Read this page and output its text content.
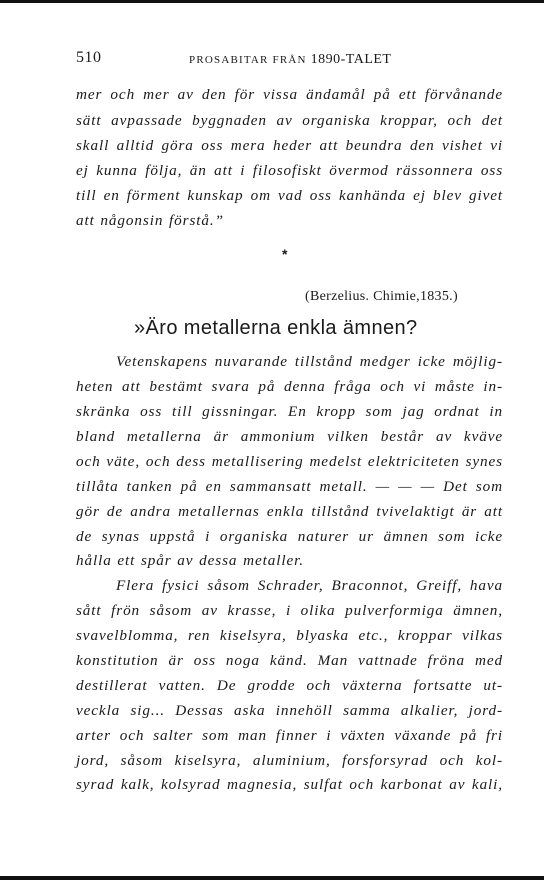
510	PROSABITAR FRÅN 1890-TALET
mer och mer av den för vissa ändamål på ett förvånande
sätt avpassade byggnaden av organiska kroppar, och det
skall alltid göra oss mera heder att beundra den vishet vi
ej kunna följa, än att i filosofiskt övermod rässonnera oss
till en förment kunskap om vad oss kanhända ej blev givet
att någonsin förstå.”
*
(Berzelius. Chimie,1835.)
»Äro metallerna enkla ämnen?
Vetenskapens nuvarande tillstånd medger icke möjlig-
heten att bestämt svara på denna fråga och vi måste in-
skränka oss till gissningar. En kropp som jag ordnat in
bland metallerna är ammonium vilken består av kväve
och väte, och dess metallisering medelst elektriciteten synes
tillåta tanken på en sammansatt metall. — — — Det som
gör de andra metallernas enkla tillstånd tvivelaktigt är att
de synas uppstå i organiska naturer ur ämnen som icke
hålla ett spår av dessa metaller.
Flera fysici såsom Schrader, Braconnot, Greiff, hava
sått frön såsom av krasse, i olika pulverformiga ämnen,
svavelblomma, ren kiselsyra, blyaska etc., kroppar vilkas
konstitution är oss noga känd. Man vattnade fröna med
destillerat vatten. De grodde och växterna fortsatte ut-
veckla sig... Dessas aska innehöll samma alkalier, jord-
arter och salter som man finner i växten växande på fri
jord, såsom kiselsyra, aluminium, forsforsyrad och kol-
syrad kalk, kolsyrad magnesia, sulfat och karbonat av kali,
